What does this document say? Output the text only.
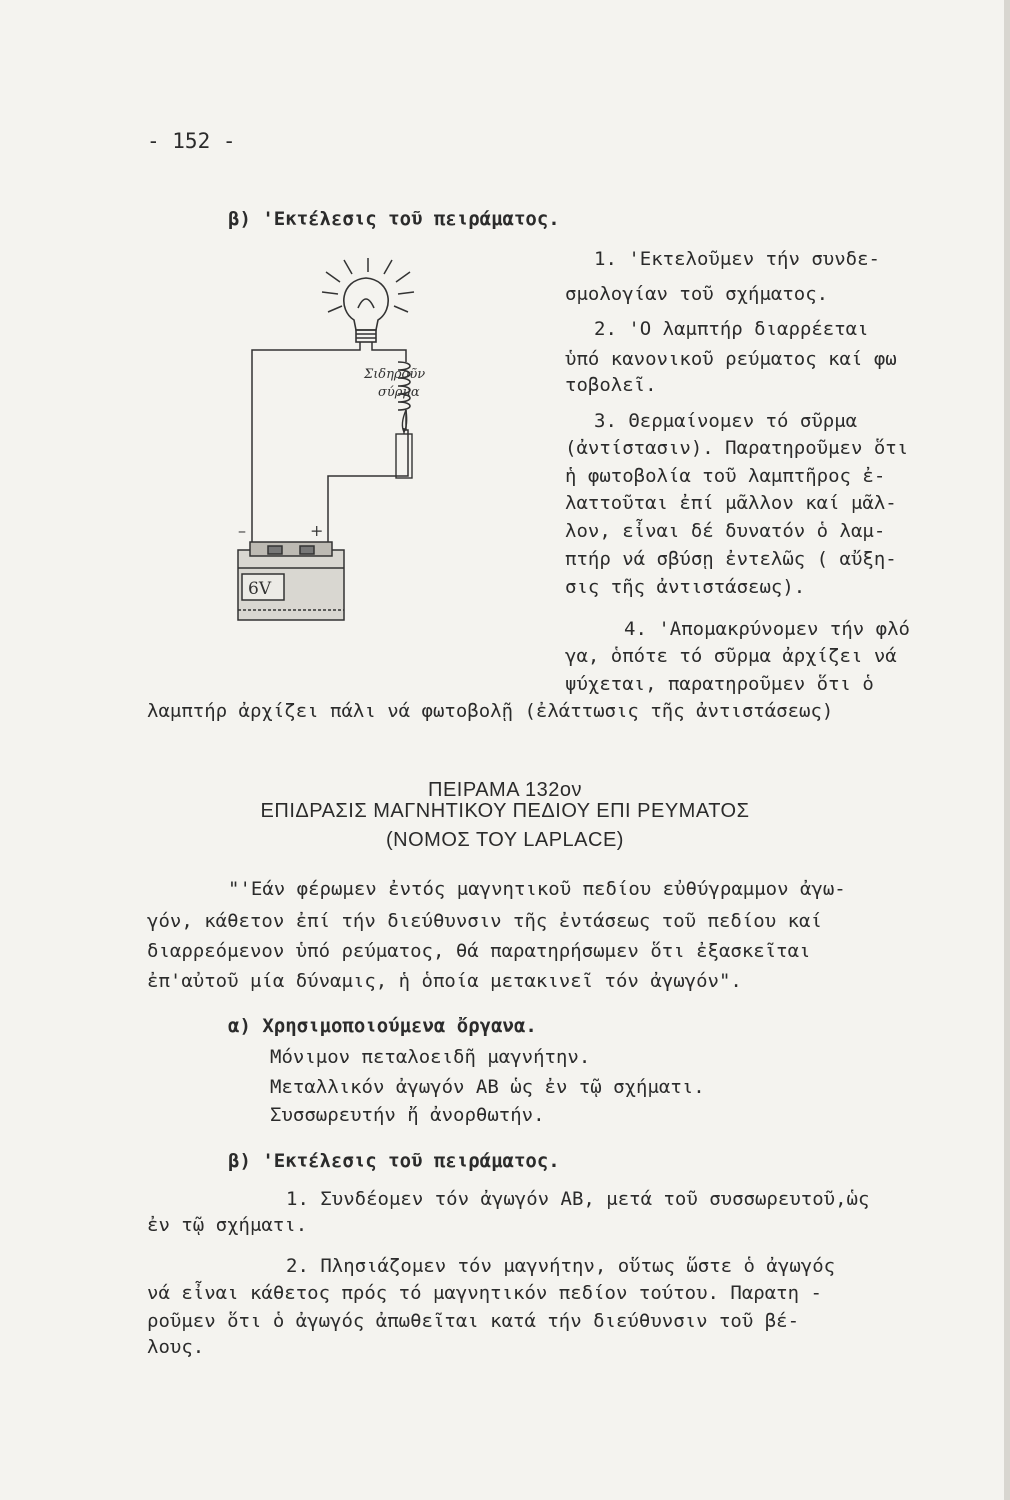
- 152 -
β) 'Εκτέλεσις τοῦ πειράματος.
Σιδηροῦν
σύρμα
–	+
6V
1. 'Εκτελοῦμεν τήν συνδε-
σμολογίαν τοῦ σχήματος.
2. 'Ο λαμπτήρ διαρρέεται
ὑπό κανονικοῦ ρεύματος καί φω
τοβολεῖ.
3. Θερμαίνομεν τό σῦρμα
(ἀντίστασιν). Παρατηροῦμεν ὅτι
ἡ φωτοβολία τοῦ λαμπτῆρος ἐ-
λαττοῦται ἐπί μᾶλλον καί μᾶλ-
λον, εἶναι δέ δυνατόν ὁ λαμ-
πτήρ νά σβύσῃ ἐντελῶς ( αὔξη-
σις τῆς ἀντιστάσεως).
4. 'Απομακρύνομεν τήν φλό
γα, ὁπότε τό σῦρμα ἀρχίζει νά
ψύχεται, παρατηροῦμεν ὅτι ὁ
λαμπτήρ ἀρχίζει πάλι νά φωτοβολῇ (ἐλάττωσις τῆς ἀντιστάσεως)
ΠΕΙΡΑΜΑ 132ον
ΕΠΙΔΡΑΣΙΣ ΜΑΓΝΗΤΙΚΟΥ ΠΕΔΙΟΥ ΕΠΙ ΡΕΥΜΑΤΟΣ
(ΝΟΜΟΣ ΤΟΥ LAPLACE)
"'Εάν φέρωμεν ἐντός μαγνητικοῦ πεδίου εὐθύγραμμον ἀγω-
γόν, κάθετον ἐπί τήν διεύθυνσιν τῆς ἐντάσεως τοῦ πεδίου καί
διαρρεόμενον ὑπό ρεύματος, θά παρατηρήσωμεν ὅτι ἐξασκεῖται
ἐπ'αὐτοῦ μία δύναμις, ἡ ὁποία μετακινεῖ τόν ἀγωγόν".
α) Χρησιμοποιούμενα ὄργανα.
Μόνιμον πεταλοειδῆ μαγνήτην.
Μεταλλικόν ἀγωγόν ΑΒ ὡς ἐν τῷ σχήματι.
Συσσωρευτήν ἤ ἀνορθωτήν.
β) 'Εκτέλεσις τοῦ πειράματος.
1. Συνδέομεν τόν ἀγωγόν ΑΒ, μετά τοῦ συσσωρευτοῦ,ὡς
ἐν τῷ σχήματι.
2. Πλησιάζομεν τόν μαγνήτην, οὕτως ὥστε ὁ ἀγωγός
νά εἶναι κάθετος πρός τό μαγνητικόν πεδίον τούτου. Παρατη -
ροῦμεν ὅτι ὁ ἀγωγός ἀπωθεῖται κατά τήν διεύθυνσιν τοῦ βέ-
λους.
